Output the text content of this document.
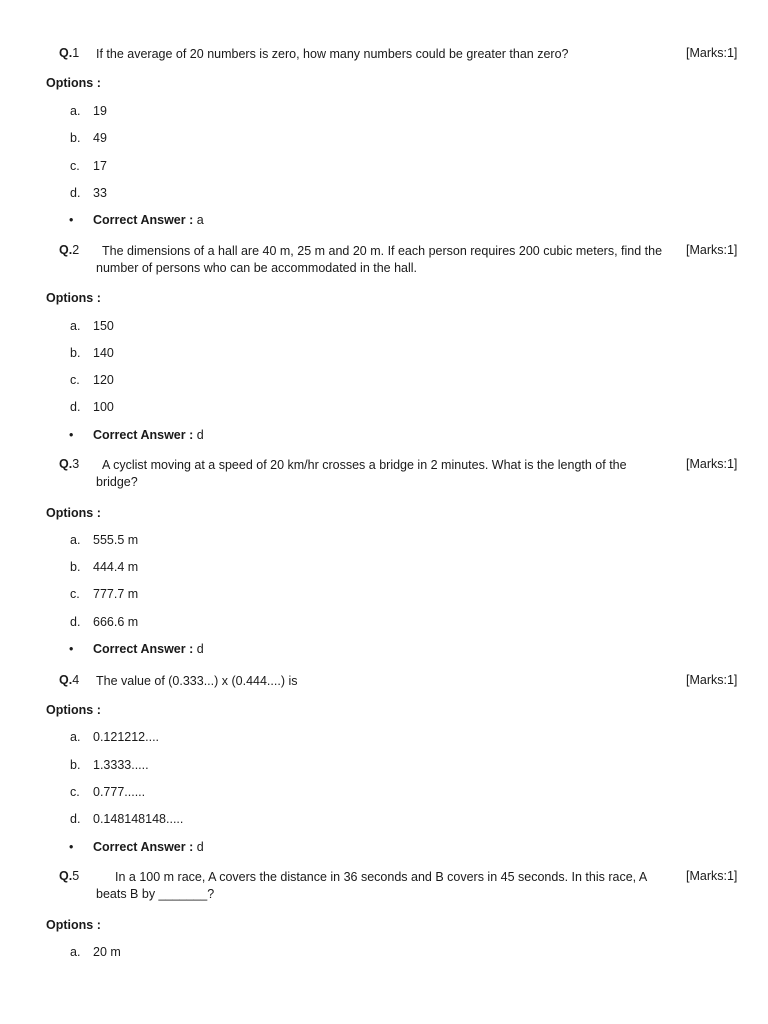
Q.1 If the average of 20 numbers is zero, how many numbers could be greater than zero?	[Marks:1]
Options :
a. 19
b. 49
c. 17
d. 33
• Correct Answer : a
Q.2	The dimensions of a hall are 40 m, 25 m and 20 m. If each person requires 200 cubic meters, find the number of persons who can be accommodated in the hall.
[Marks:1]
Options :
a. 150
b. 140
c. 120
d. 100
• Correct Answer : d
Q.3	A cyclist moving at a speed of 20 km/hr crosses a bridge in 2 minutes. What is the length of the bridge?
[Marks:1]
Options :
a. 555.5 m
b. 444.4 m
c. 777.7 m
d. 666.6 m
• Correct Answer : d
Q.4 The value of (0.333...) x (0.444....) is	[Marks:1]
Options :
a. 0.121212....
b. 1.3333.....
c. 0.777......
d. 0.148148148.....
• Correct Answer : d
Q.5	In a 100 m race, A covers the distance in 36 seconds and B covers in 45 seconds. In this race, A beats B by _______?
[Marks:1]
Options :
a. 20 m
